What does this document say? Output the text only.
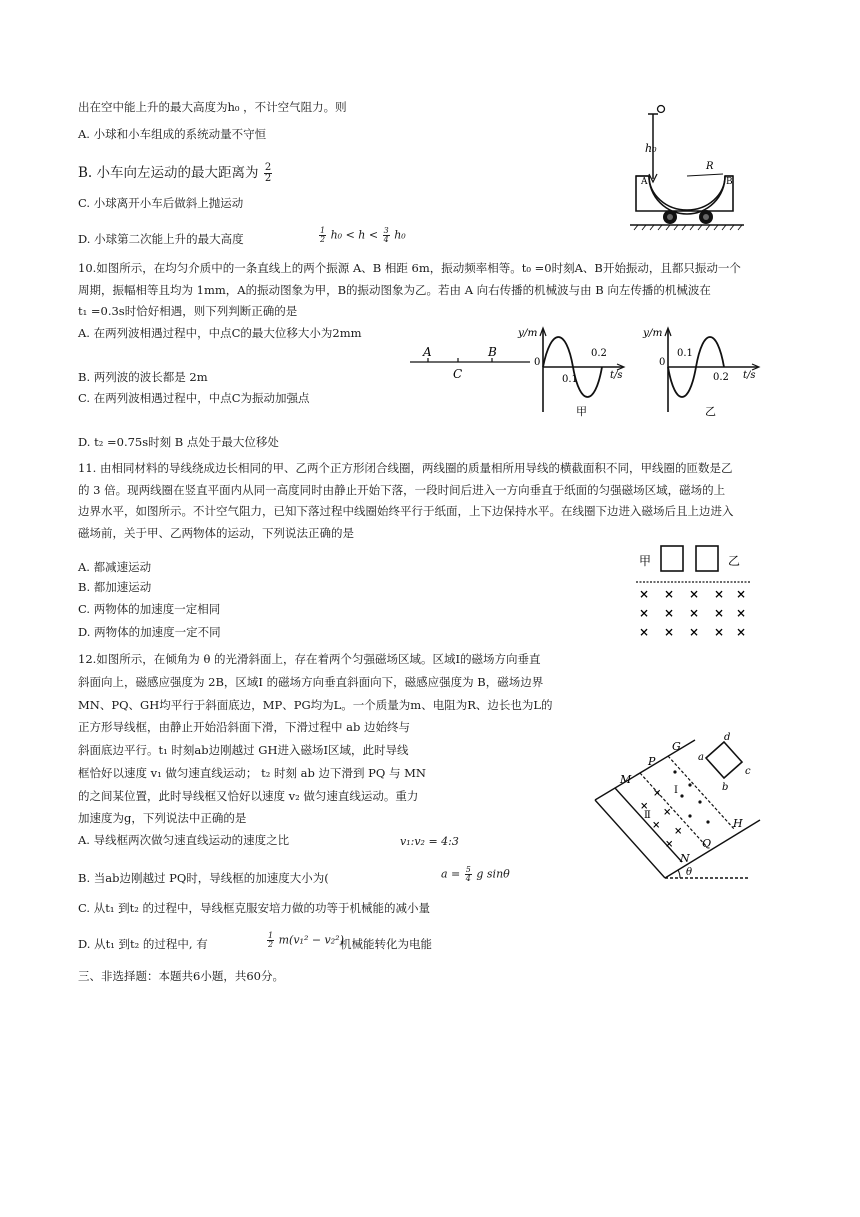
出在空中能上升的最大高度为h₀ ，不计空气阻力。则
A. 小球和小车组成的系统动量不守恒
B. 小车向左运动的最大距离为 $\frac{2}{2}$
C. 小球离开小车后做斜上抛运动
D. 小球第二次能上升的最大高度	$\frac{1}{2} h_0 < h < \frac{3}{4} h_0$
h₀
A	B
R
10.如图所示，在均匀介质中的一条直线上的两个振源 A、B 相距 6m，振动频率相等。t₀ =0时刻A、B开始振动，且都只振动一个
周期，振幅相等且均为 1mm，A的振动图象为甲，B的振动图象为乙。若由 A 向右传播的机械波与由 B 向左传播的机械波在
t₁ =0.3s时恰好相遇，则下列判断正确的是
A. 在两列波相遇过程中，中点C的最大位移大小为2mm
B. 两列波的波长都是 2m
C. 在两列波相遇过程中，中点C为振动加强点
D. t₂ =0.75s时刻 B 点处于最大位移处
A	B
C
y/m
0
0.1
0.2
t/s
甲
y/m
0
0.1
0.2 t/s
乙
11. 由相同材料的导线绕成边长相同的甲、乙两个正方形闭合线圈，两线圈的质量相所用导线的横截面积不同，甲线圈的匝数是乙
的 3 倍。现两线圈在竖直平面内从同一高度同时由静止开始下落，一段时间后进入一方向垂直于纸面的匀强磁场区域，磁场的上
边界水平，如图所示。不计空气阻力，已知下落过程中线圈始终平行于纸面，上下边保持水平。在线圈下边进入磁场后且上边进入
磁场前，关于甲、乙两物体的运动，下列说法正确的是
A. 都减速运动
B. 都加速运动
C. 两物体的加速度一定相同
D. 两物体的加速度一定不同
甲	乙
× × × × ×
× × × × ×
× × × × ×
12.如图所示，在倾角为 θ 的光滑斜面上，存在着两个匀强磁场区域。区域Ⅰ的磁场方向垂直
斜面向上，磁感应强度为 2B，区域Ⅰ 的磁场方向垂直斜面向下，磁感应强度为 B，磁场边界
MN、PQ、GH均平行于斜面底边，MP、PG均为L。一个质量为m、电阻为R、边长也为L的
正方形导线框，由静止开始沿斜面下滑，下滑过程中 ab 边始终与
斜面底边平行。t₁ 时刻ab边刚越过 GH进入磁场Ⅰ区域，此时导线
框恰好以速度 v₁ 做匀速直线运动； t₂ 时刻 ab 边下滑到 PQ 与 MN
的之间某位置，此时导线框又恰好以速度 v₂ 做匀速直线运动。重力
加速度为g，下列说法中正确的是
A. 导线框两次做匀速直线运动的速度之比	v₁:v₂ = 4:3
B. 当ab边刚越过 PQ时，导线框的加速度大小为(	$a = \frac{5}{4}$ g sinθ
C. 从t₁ 到t₂ 的过程中，导线框克服安培力做的功等于机械能的减小量
D. 从t₁ 到t₂ 的过程中, 有	$\frac{1}{2} m(v_1^2 - v_2^2)$
机械能转化为电能
三、非选择题：本题共6小题，共60分。
M
P
G
N
Q
H
×
×
×
×
×
×
Ⅱ
Ⅰ
a
b
c
d
θ
